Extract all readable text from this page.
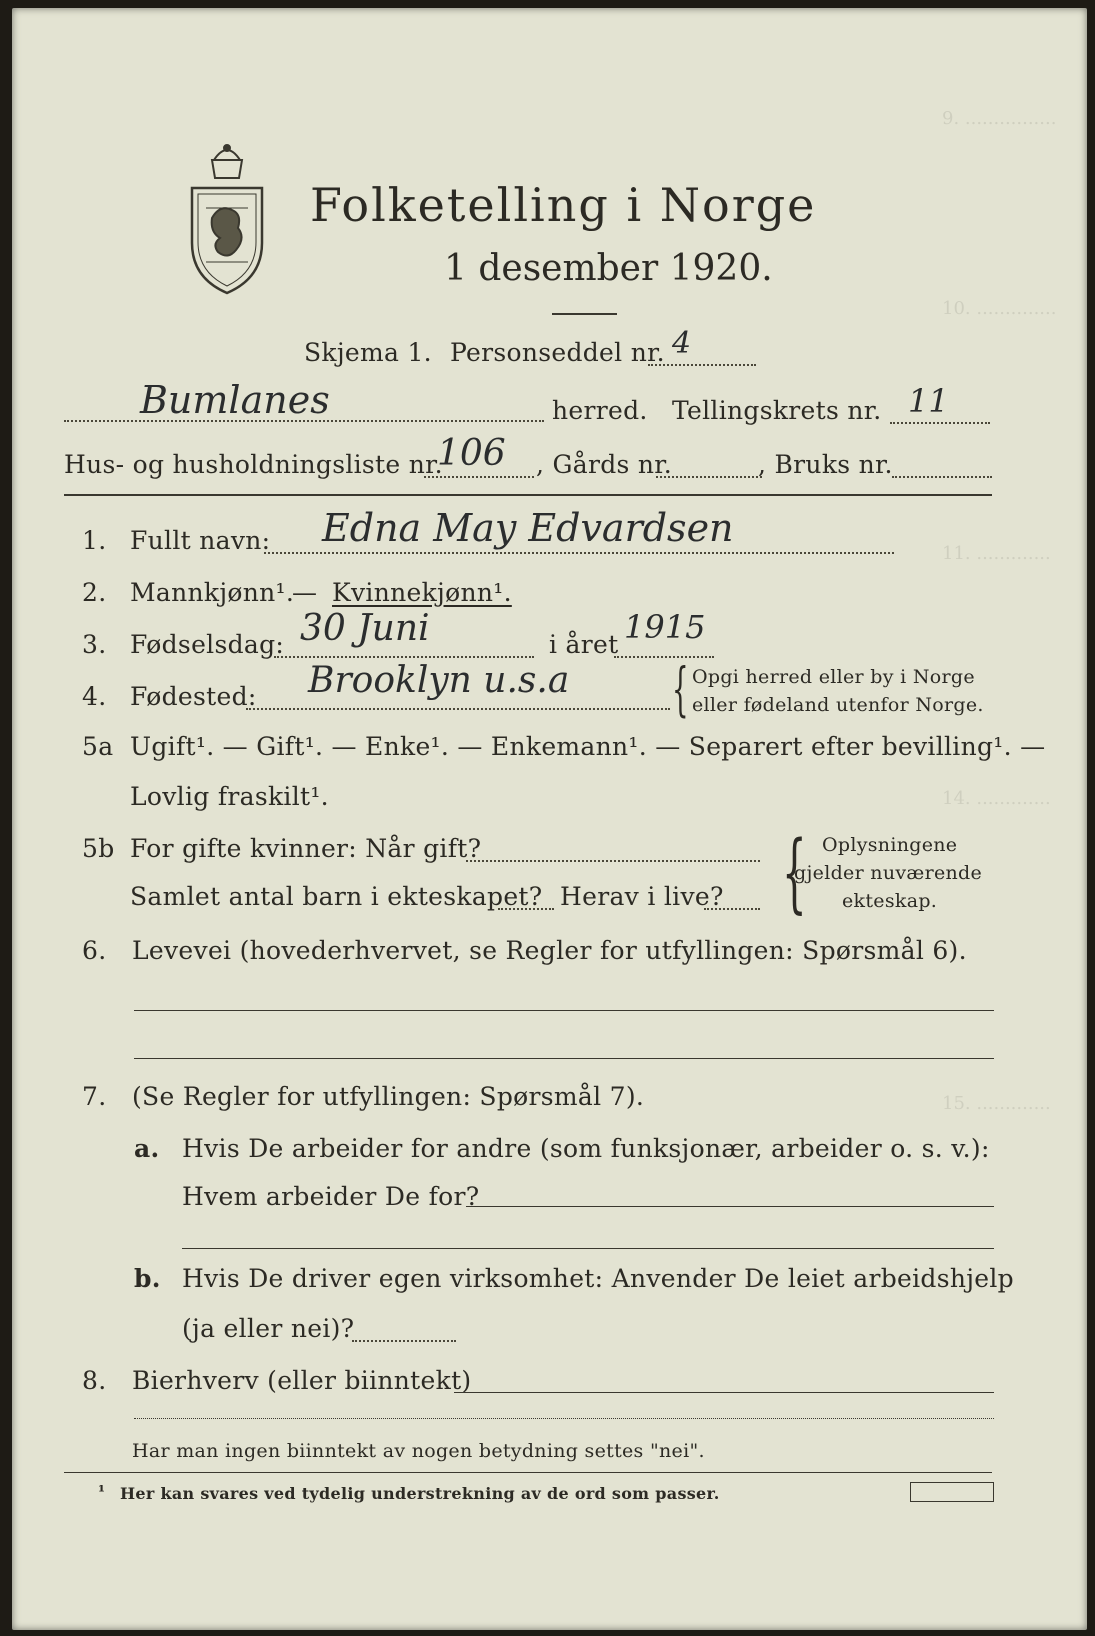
9. ................
10. ..............
11. .............
14. .............
15. .............
Folketelling i Norge
1 desember 1920.
Skjema 1. Personseddel nr. 4
Bumlanes	herred. Tellingskrets nr. 11
Hus- og husholdningsliste nr.
106 , Gårds nr.	, Bruks nr.
1. Fullt navn: Edna May Edvardsen
2. Mannkjønn¹.
— Kvinnekjønn¹.
3. Fødselsdag: 30 Juni	i året 1915
4. Fødested: Brooklyn u.s.a { Opgi herred eller by i Norge
eller fødeland utenfor Norge.
5a Ugift¹. — Gift¹. — Enke¹. — Enkemann¹. — Separert efter bevilling¹. —
Lovlig fraskilt¹.
5b For gifte kvinner: Når gift?
Samlet antal barn i ekteskapet? Herav i live? { Oplysningene
gjelder nuværende
ekteskap.
6. Levevei (hovederhvervet, se Regler for utfyllingen: Spørsmål 6).
7. (Se Regler for utfyllingen: Spørsmål 7).
a. Hvis De arbeider for andre (som funksjonær, arbeider o. s. v.):
Hvem arbeider De for?
b. Hvis De driver egen virksomhet: Anvender De leiet arbeidshjelp
(ja eller nei)?
8. Bierhverv (eller biinntekt)
Har man ingen biinntekt av nogen betydning settes "nei".
¹ Her kan svares ved tydelig understrekning av de ord som passer.
